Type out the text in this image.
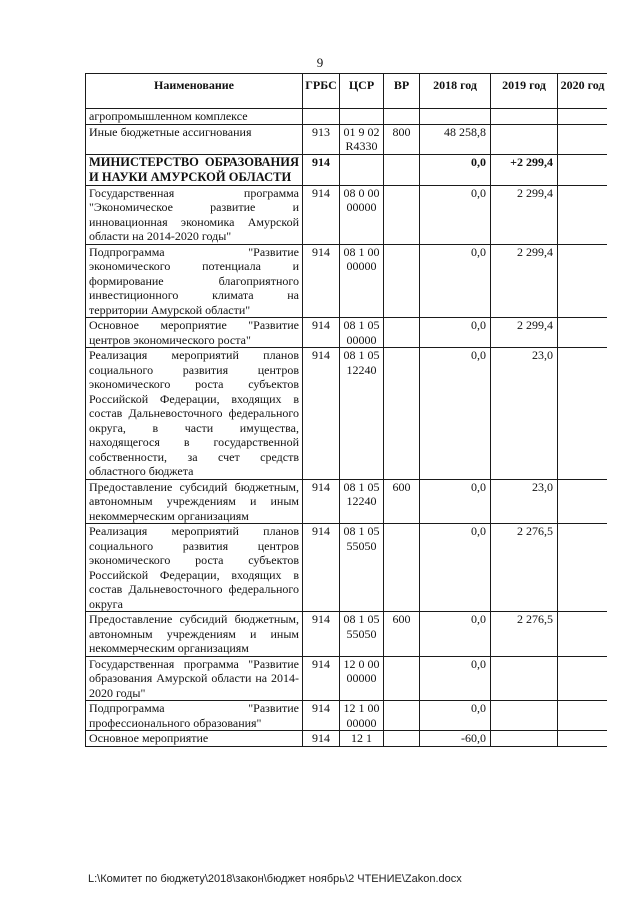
9
Наименование	ГРБС	ЦСР	ВР	2018 год	2019 год	2020 год
агропромышленном комплексе						
Иные бюджетные ассигнования	913	01 9 02 R4330	800	48 258,8		
МИНИСТЕРСТВО ОБРАЗОВАНИЯ И НАУКИ АМУРСКОЙ ОБЛАСТИ	914			0,0	+2 299,4	
Государственная программа "Экономическое развитие и инновационная экономика Амурской области на 2014-2020 годы"	914	08 0 00 00000		0,0	2 299,4	
Подпрограмма "Развитие экономического потенциала и формирование благоприятного инвестиционного климата на территории Амурской области"	914	08 1 00 00000		0,0	2 299,4	
Основное мероприятие "Развитие центров экономического роста"	914	08 1 05 00000		0,0	2 299,4	
Реализация мероприятий планов социального развития центров экономического роста субъектов Российской Федерации, входящих в состав Дальневосточного федерального округа, в части имущества, находящегося в государственной собственности, за счет средств областного бюджета	914	08 1 05 12240		0,0	23,0	
Предоставление субсидий бюджетным, автономным учреждениям и иным некоммерческим организациям	914	08 1 05 12240	600	0,0	23,0	
Реализация мероприятий планов социального развития центров экономического роста субъектов Российской Федерации, входящих в состав Дальневосточного федерального округа	914	08 1 05 55050		0,0	2 276,5	
Предоставление субсидий бюджетным, автономным учреждениям и иным некоммерческим организациям	914	08 1 05 55050	600	0,0	2 276,5	
Государственная программа "Развитие образования Амурской области на 2014-2020 годы"	914	12 0 00 00000		0,0		
Подпрограмма "Развитие профессионального образования"	914	12 1 00 00000		0,0		
Основное мероприятие	914	12 1		-60,0		
L:\Комитет по бюджету\2018\закон\бюджет ноябрь\2 ЧТЕНИЕ\Zakon.docx
